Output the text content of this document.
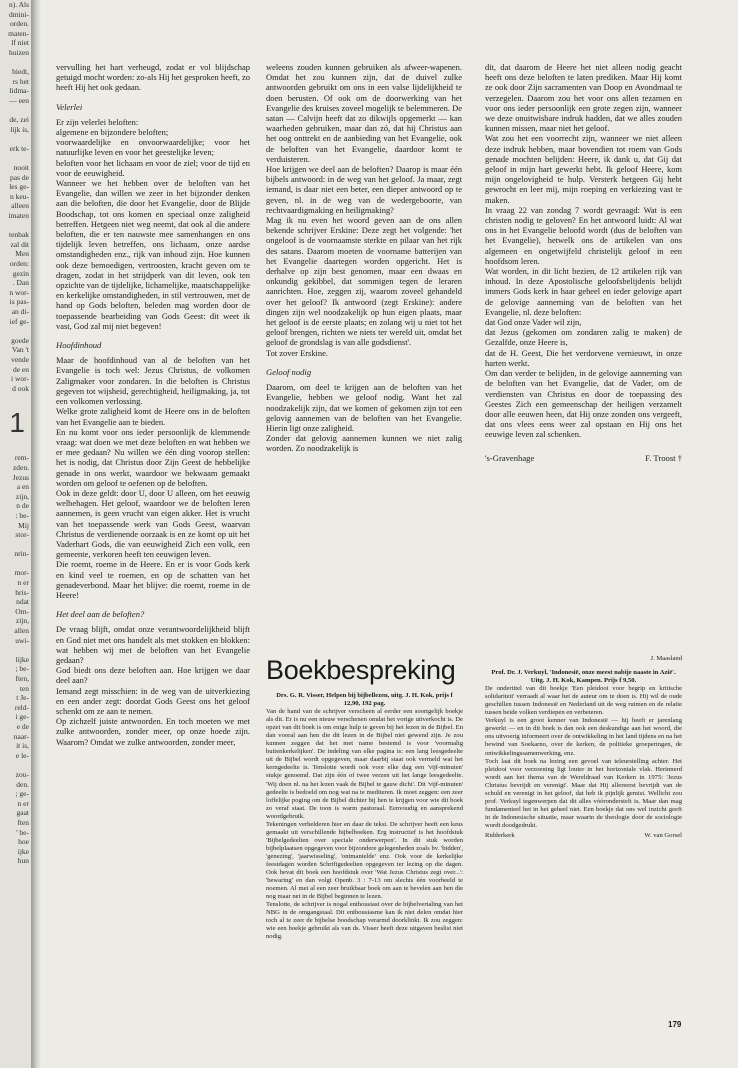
n). Als
dmini-
orden.
maten-
lf niet
huizen

biedt,
rs het
lidma-
— een

de, zei
lijk is,

erk te-

nooit
pas de
les ge-
n keu-
alleen
imaten

tenbak
zal dit
Men
orden:
gezin
. Dan
n wor-
is pas-
an di-
ief ge-

goede
Van 't
vende
de en
i wor-
d ook
1
rem-
zden.
Jezus
a en
zijn,
n de
: be-
Mij
stor-

nrin-

mor-
n er
hris-
ndat
Om-
zijn,
allen
uwi-

lijke
; be-
ften,
ten
t Je-
reld-
i ge-
e de
naar-
it is,
e le-

zou-
den.
; ge-
n er
gaat
ften
' be-
hoe
ijke
hun

vervulling het hart verheugd, zodat er vol blijdschap getuigd mocht worden: zo-als Hij het gesproken heeft, zo heeft Hij het ook gedaan.

Velerlei

Er zijn velerlei beloften:

algemene en bijzondere beloften;

voorwaardelijke en onvoorwaardelijke; voor het natuurlijke leven en voor het geestelijke leven;

beloften voor het lichaam en voor de ziel; voor de tijd en voor de eeuwigheid.

Wanneer we het hebben over de beloften van het Evangelie, dan willen we zeer in het bijzonder denken aan die beloften, die door het Evangelie, door de Blijde Boodschap, tot ons komen en speciaal onze zaligheid betreffen. Hetgeen niet weg neemt, dat ook al die andere beloften, die er ten nauwste mee samenhangen en ons tijdelijk leven betreffen, ons lichaam, onze aardse omstandigheden enz., rijk van inhoud zijn. Hoe kunnen ook deze bemoedigen, vertroosten, kracht geven om te dragen, zodat in het strijdperk van dit leven, ook ten opzichte van de tijdelijke, lichamelijke, maatschappelijke en kerkelijke omstandigheden, in stil vertrouwen, met de hand op Gods beloften, beleden mag worden door de toepassende bearbeiding van Gods Geest: dit weet ik vast, God zal mij niet begeven!

Hoofdinhoud

Maar de hoofdinhoud van al de beloften van het Evangelie is toch wel: Jezus Christus, de volkomen Zaligmaker voor zondaren. In die beloften is Christus gegeven tot wijsheid, gerechtigheid, heiligmaking, ja, tot een volkomen verlossing.

Welke grote zaligheid komt de Heere ons in de beloften van het Evangelie aan te bieden.

En nu komt voor ons ieder persoonlijk de klemmende vraag: wat doen we met deze beloften en wat hebben we er mee gedaan? Nu willen we één ding voorop stellen: het is nodig, dat Christus door Zijn Geest de hebbelijke genade in ons werkt, waardoor we bekwaam gemaakt worden om geloof te oefenen op de beloften.

Ook in deze geldt: door U, door U alleen, om het eeuwig welbehagen. Het geloof, waardoor we de beloften leren aannemen, is geen vrucht van eigen akker. Het is vrucht van het toepassende werk van Gods Geest, waarvan Christus de verdienende oorzaak is en ze komt op uit het Vaderhart Gods, die van eeuwigheid Zich een volk, een gemeente, verkoren heeft ten eeuwigen leven.

Die roemt, roeme in de Heere. En er is voor Gods kerk en kind veel te roemen, en op de schatten van het genadeverbond. Maar het blijve: die roemt, roeme in de Heere!

Het deel aan de beloften?

De vraag blijft, omdat onze verantwoordelijkheid blijft en God niet met ons handelt als met stokken en blokken: wat hebben wij met de beloften van het Evangelie gedaan?

God biedt ons deze beloften aan. Hoe krijgen we daar deel aan?

Iemand zegt misschien: in de weg van de uitverkiezing en een ander zegt: doordat Gods Geest ons het geloof schenkt om ze aan te nemen.

Op zichzelf juiste antwoorden. En toch moeten we met zulke antwoorden, zonder meer, op onze hoede zijn. Waarom? Omdat we zulke antwoorden, zonder meer,

weleens zouden kunnen gebruiken als afweer-wapenen. Omdat het zou kunnen zijn, dat de duivel zulke antwoorden gebruikt om ons in een valse lijdelijkheid te doen berusten. Of ook om de doorwerking van het Evangelie des kruises zoveel mogelijk te belemmeren. De satan — Calvijn heeft dat zo dikwijls opgemerkt — kan waarheden gebruiken, maar dan zó, dat hij Christus aan het oog onttrekt en de aanbieding van het Evangelie, ook de beloften van het Evangelie, daardoor komt te verduisteren.

Hoe krijgen we deel aan de beloften? Daarop is maar één bijbels antwoord: in de weg van het geloof. Ja maar, zegt iemand, is daar niet een beter, een dieper antwoord op te geven, nl. in de weg van de wedergeboorte, van rechtvaardigmaking en heiligmaking?

Mag ik nu even het woord geven aan de ons allen bekende schrijver Erskine: Deze zegt het volgende: 'het ongeloof is de voornaamste sterkte en pilaar van het rijk des satans. Daarom moeten de voorname batterijen van het Evangelie daartegen worden opgericht. Het is derhalve op zijn best genomen, maar een dwaas en onkundig gekibbel, dat sommigen tegen de leraren aanrichten. Hoe, zeggen zij, waarom zoveel gehandeld over het geloof? Ik antwoord (zegt Erskine): andere dingen zijn wel noodzakelijk op hun eigen plaats, maar het geloof is de eerste plaats; en zolang wij u niet tot het geloof brengen, richten we niets ter wereld uit, omdat het geloof de grondslag is van alle godsdienst'.

Tot zover Erskine.

Geloof nodig

Daarom, om deel te krijgen aan de beloften van het Evangelie, hebben we geloof nodig. Want het zal noodzakelijk zijn, dat we komen of gekomen zijn tot een gelovig aannemen van de beloften van het Evangelie. Hierin ligt onze zaligheid.

Zonder dat gelovig aannemen kunnen we niet zalig worden. Zo noodzakelijk is

dit, dat daarom de Heere het niet alleen nodig geacht heeft ons deze beloften te laten prediken. Maar Hij komt ze ook door Zijn sacramenten van Doop en Avondmaal te verzegelen. Daarom zou het voor ons allen tezamen en voor ons ieder persoonlijk een grote zegen zijn, wanneer we deze onuitwisbare indruk hadden, dat we alles zouden kunnen missen, maar niet het geloof.

Wat zou het een voorrecht zijn, wanneer we niet alleen deze indruk hebben, maar bovendien tot roem van Gods genade mochten belijden: Heere, ik dank u, dat Gij dat geloof in mijn hart gewerkt hebt. Ik geloof Heere, kom mijn ongelovigheid te hulp. Versterk hetgeen Gij hebt gewrocht en leer mij, mijn roeping en verkiezing vast te maken.

In vraag 22 van zondag 7 wordt gevraagd: Wat is een christen nodig te geloven? En het antwoord luidt: Al wat ons in het Evangelie beloofd wordt (dus de beloften van het Evangelie), hetwelk ons de artikelen van ons algemeen en ongetwijfeld christelijk geloof in een hoofdsom leren.

Wat worden, in dit licht bezien, de 12 artikelen rijk van inhoud. In deze Apostolische geloofsbelijdenis belijdt immers Gods kerk in haar geheel en ieder gelovige apart de gelovige aanneming van de beloften van het Evangelie, nl. deze beloften:

dat God onze Vader wil zijn,

dat Jezus (gekomen om zondaren zalig te maken) de Gezalfde, onze Heere is,

dat de H. Geest, Die het verdorvene vernieuwt, in onze harten werkt.

Om dan verder te belijden, in de gelovige aanneming van de beloften van het Evangelie, dat de Vader, om de verdiensten van Christus en door de toepassing des Geestes Zich een gemeenschap der heiligen verzamelt door alle eeuwen heen, dat Hij onze zonden ons vergeeft, dat ons vlees eens weer zal opstaan en Hij ons het eeuwige leven zal schenken.

's-Gravenhage	F. Troost †
Boekbespreking

Drs. G. R. Visser, Helpen bij bijbellezen, uitg. J. H. Kok, prijs f 12,90, 192 pag.

Van de hand van de schrijver verscheen al eerder een soortgelijk boekje als dit. Er is nu een nieuw verschenen omdat het vorige uitverkocht is. De opzet van dit boek is om enige hulp te geven bij het lezen in de Bijbel. En dan vooral aan hen die dit lezen in de Bijbel niet gewend zijn. Je zou kunnen zeggen dat het met name bestemd is voor 'voormalig buitenkerkelijken'. De indeling van elke pagina is: een lang leesgedeelte uit de Bijbel wordt opgegeven, maar daarbij staat ook vermeld wat het kerngedeelte is. Tenslotte wordt ook voor elke dag een 'vijf-minuten' stukje genoemd. Dat zijn één of twee verzen uit het lange leesgedeelte. 'Wij doen nl. na het lezen vaak de Bijbel te gauw dicht'. Dit 'vijf-minuten' gedeelte is bedoeld om nog wat na te mediteren. Ik moet zeggen: een zeer loffelijke poging om de Bijbel dichter bij hen te krijgen voor wie dit boek zo veraf staat. De toon is warm pastoraal. Eenvoudig en aansprekend woordgebruik.

Tekeningen verhelderen hier en daar de tekst. De schrijver heeft een keus gemaakt uit verschillende bijbelboeken. Erg instructief is het hoofdstuk 'Bijbelgedeelten over speciale onderwerpen'. In dit stuk worden bijbelplaatsen opgegeven voor bijzondere gelegenheden zoals bv. 'bidden', 'genezing', 'jaarwisseling', 'ontmantelde' enz. Ook voor de kerkelijke feestdagen worden Schriftgedeelten opgegeven ter lezing op die dagen. Ook bevat dit boek een hoofdstuk over 'Wat Jezus Christus zegt over...': 'bewaring' en dan volgt Openb. 3 : 7-13 om slechts één voorbeeld te noemen. Al met al een zeer bruikbaar boek om aan te bevelen aan hen die nog maar net in de Bijbel beginnen te lezen.

Tenslotte, de schrijver is nogal enthousiast over de bijbelvertaling van het NBG in de omgangstaal. Dit enthousiasme kan ik niet delen omdat hier toch al te zeer de bijbelse boodschap verarmd doorklinkt. Ik zou zeggen: wie een boekje gebruikt als van ds. Visser heeft deze uitgaven beslist niet nodig.

J. Maasland

Prof. Dr. J. Verkuyl, 'Indonesië, onze meest nabije naaste in Azië'. Uitg. J. H. Kok, Kampen. Prijs f 9,50.

De ondertitel van dit boekje 'Een pleidooi voor begrip en kritische solidariteit' verraadt al waar het de auteur om te doen is. Hij wil de oude geschillen tussen Indonesië en Nederland uit de weg ruimen en de relatie tussen beide volken verdiepen en verbeteren.

Verkuyl is een groot kenner van Indonesië — hij heeft er jarenlang gewerkt — en in dit boek is dan ook een deskundige aan het woord, die ons uitvoerig informeert over de ontwikkeling in het land tijdens en na het bewind van Soekarno, over de kerken, de politieke groeperingen, de ontwikkelingssamenwerking, enz.

Toch laat dit boek na lezing een gevoel van teleurstelling achter. Het pleidooi voor verzoening ligt louter in het horizontale vlak. Herinnerd wordt aan het thema van de Wereldraad van Kerken in 1975: 'Jezus Christus bevrijdt en verenigt'. Maar dat Hij allereerst bevrijdt van de schuld en verenigt in het geloof, dat heb ik pijnlijk gemist. Wellicht zou prof. Verkuyl tegenwerpen dat dit alles vóóronderstelt is. Maar dan mag fundamenteel het in het geheel niet. Een boekje dat ons wel inzicht geeft in de Indonesische situatie, maar waarin de theologie door de sociologie wordt doodgedrukt.

Ridderkerk	W. van Gorsel
179
